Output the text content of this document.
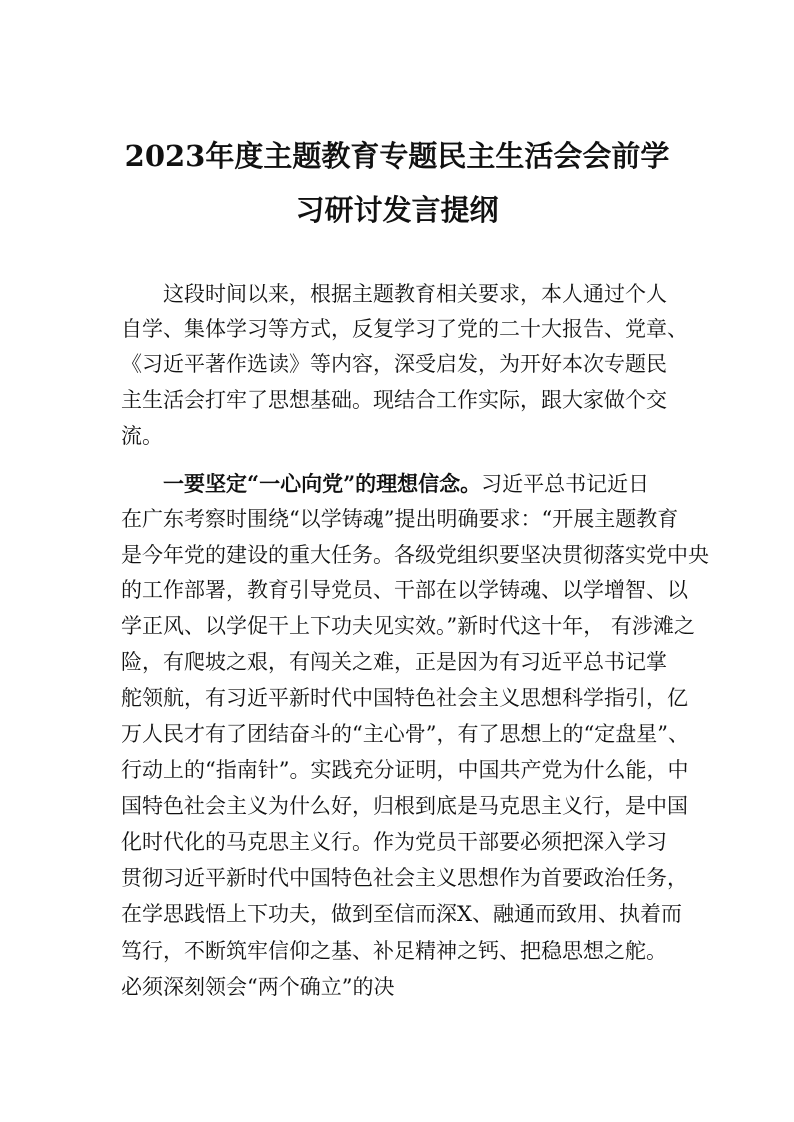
2023年度主题教育专题民主生活会会前学
习研讨发言提纲

这段时间以来，根据主题教育相关要求，本人通过个人

自学、集体学习等方式，反复学习了党的二十大报告、党章、

《习近平著作选读》等内容，深受启发，为开好本次专题民

主生活会打牢了思想基础。现结合工作实际，跟大家做个交

流。

一要坚定“一心向党”的理想信念。习近平总书记近日

在广东考察时围绕“以学铸魂”提出明确要求：“开展主题教育

是今年党的建设的重大任务。各级党组织要坚决贯彻落实党中央

的工作部署，教育引导党员、干部在以学铸魂、以学增智、以

学正风、以学促干上下功夫见实效。”新时代这十年， 有涉滩之

险，有爬坡之艰，有闯关之难，正是因为有习近平总书记掌

舵领航，有习近平新时代中国特色社会主义思想科学指引，亿

万人民才有了团结奋斗的“主心骨”，有了思想上的“定盘星”、

行动上的“指南针”。实践充分证明，中国共产党为什么能，中

国特色社会主义为什么好，归根到底是马克思主义行，是中国

化时代化的马克思主义行。作为党员干部要必须把深入学习

贯彻习近平新时代中国特色社会主义思想作为首要政治任务，

在学思践悟上下功夫，做到至信而深X、融通而致用、执着而

笃行，不断筑牢信仰之基、补足精神之钙、把稳思想之舵。

必须深刻领会“两个确立”的决
